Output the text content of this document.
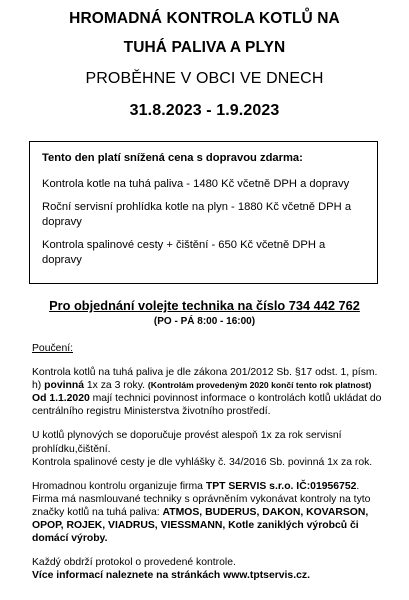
HROMADNÁ KONTROLA KOTLŮ NA
TUHÁ PALIVA A PLYN
PROBĚHNE V OBCI VE DNECH
31.8.2023 - 1.9.2023
Tento den platí snížená cena s dopravou zdarma:
Kontrola kotle na tuhá paliva - 1480 Kč včetně DPH a dopravy
Roční servisní prohlídka kotle na plyn - 1880 Kč včetně DPH a dopravy
Kontrola spalinové cesty + čištění - 650 Kč včetně DPH a dopravy
Pro objednání volejte technika na číslo 734 442 762
(PO - PÁ 8:00 - 16:00)

Poučení:

Kontrola kotlů na tuhá paliva je dle zákona 201/2012 Sb. §17 odst. 1, písm. h) povinná 1x za 3 roky. (Kontrolám provedeným 2020 končí tento rok platnost)

Od 1.1.2020 mají technici povinnost informace o kontrolách kotlů ukládat do centrálního registru Ministerstva životního prostředí.

U kotlů plynových se doporučuje provést alespoň 1x za rok servisní prohlídku,čištění.

Kontrola spalinové cesty je dle vyhlášky č. 34/2016 Sb. povinná 1x za rok.

Hromadnou kontrolu organizuje firma TPT SERVIS s.r.o. IČ:01956752. Firma má nasmlouvané techniky s oprávněním vykonávat kontroly na tyto značky kotlů na tuhá paliva: ATMOS, BUDERUS, DAKON, KOVARSON, OPOP, ROJEK, VIADRUS, VIESSMANN, Kotle zaniklých výrobců či domácí výroby.

Každý obdrží protokol o provedené kontrole.

Více informací naleznete na stránkách www.tptservis.cz.
